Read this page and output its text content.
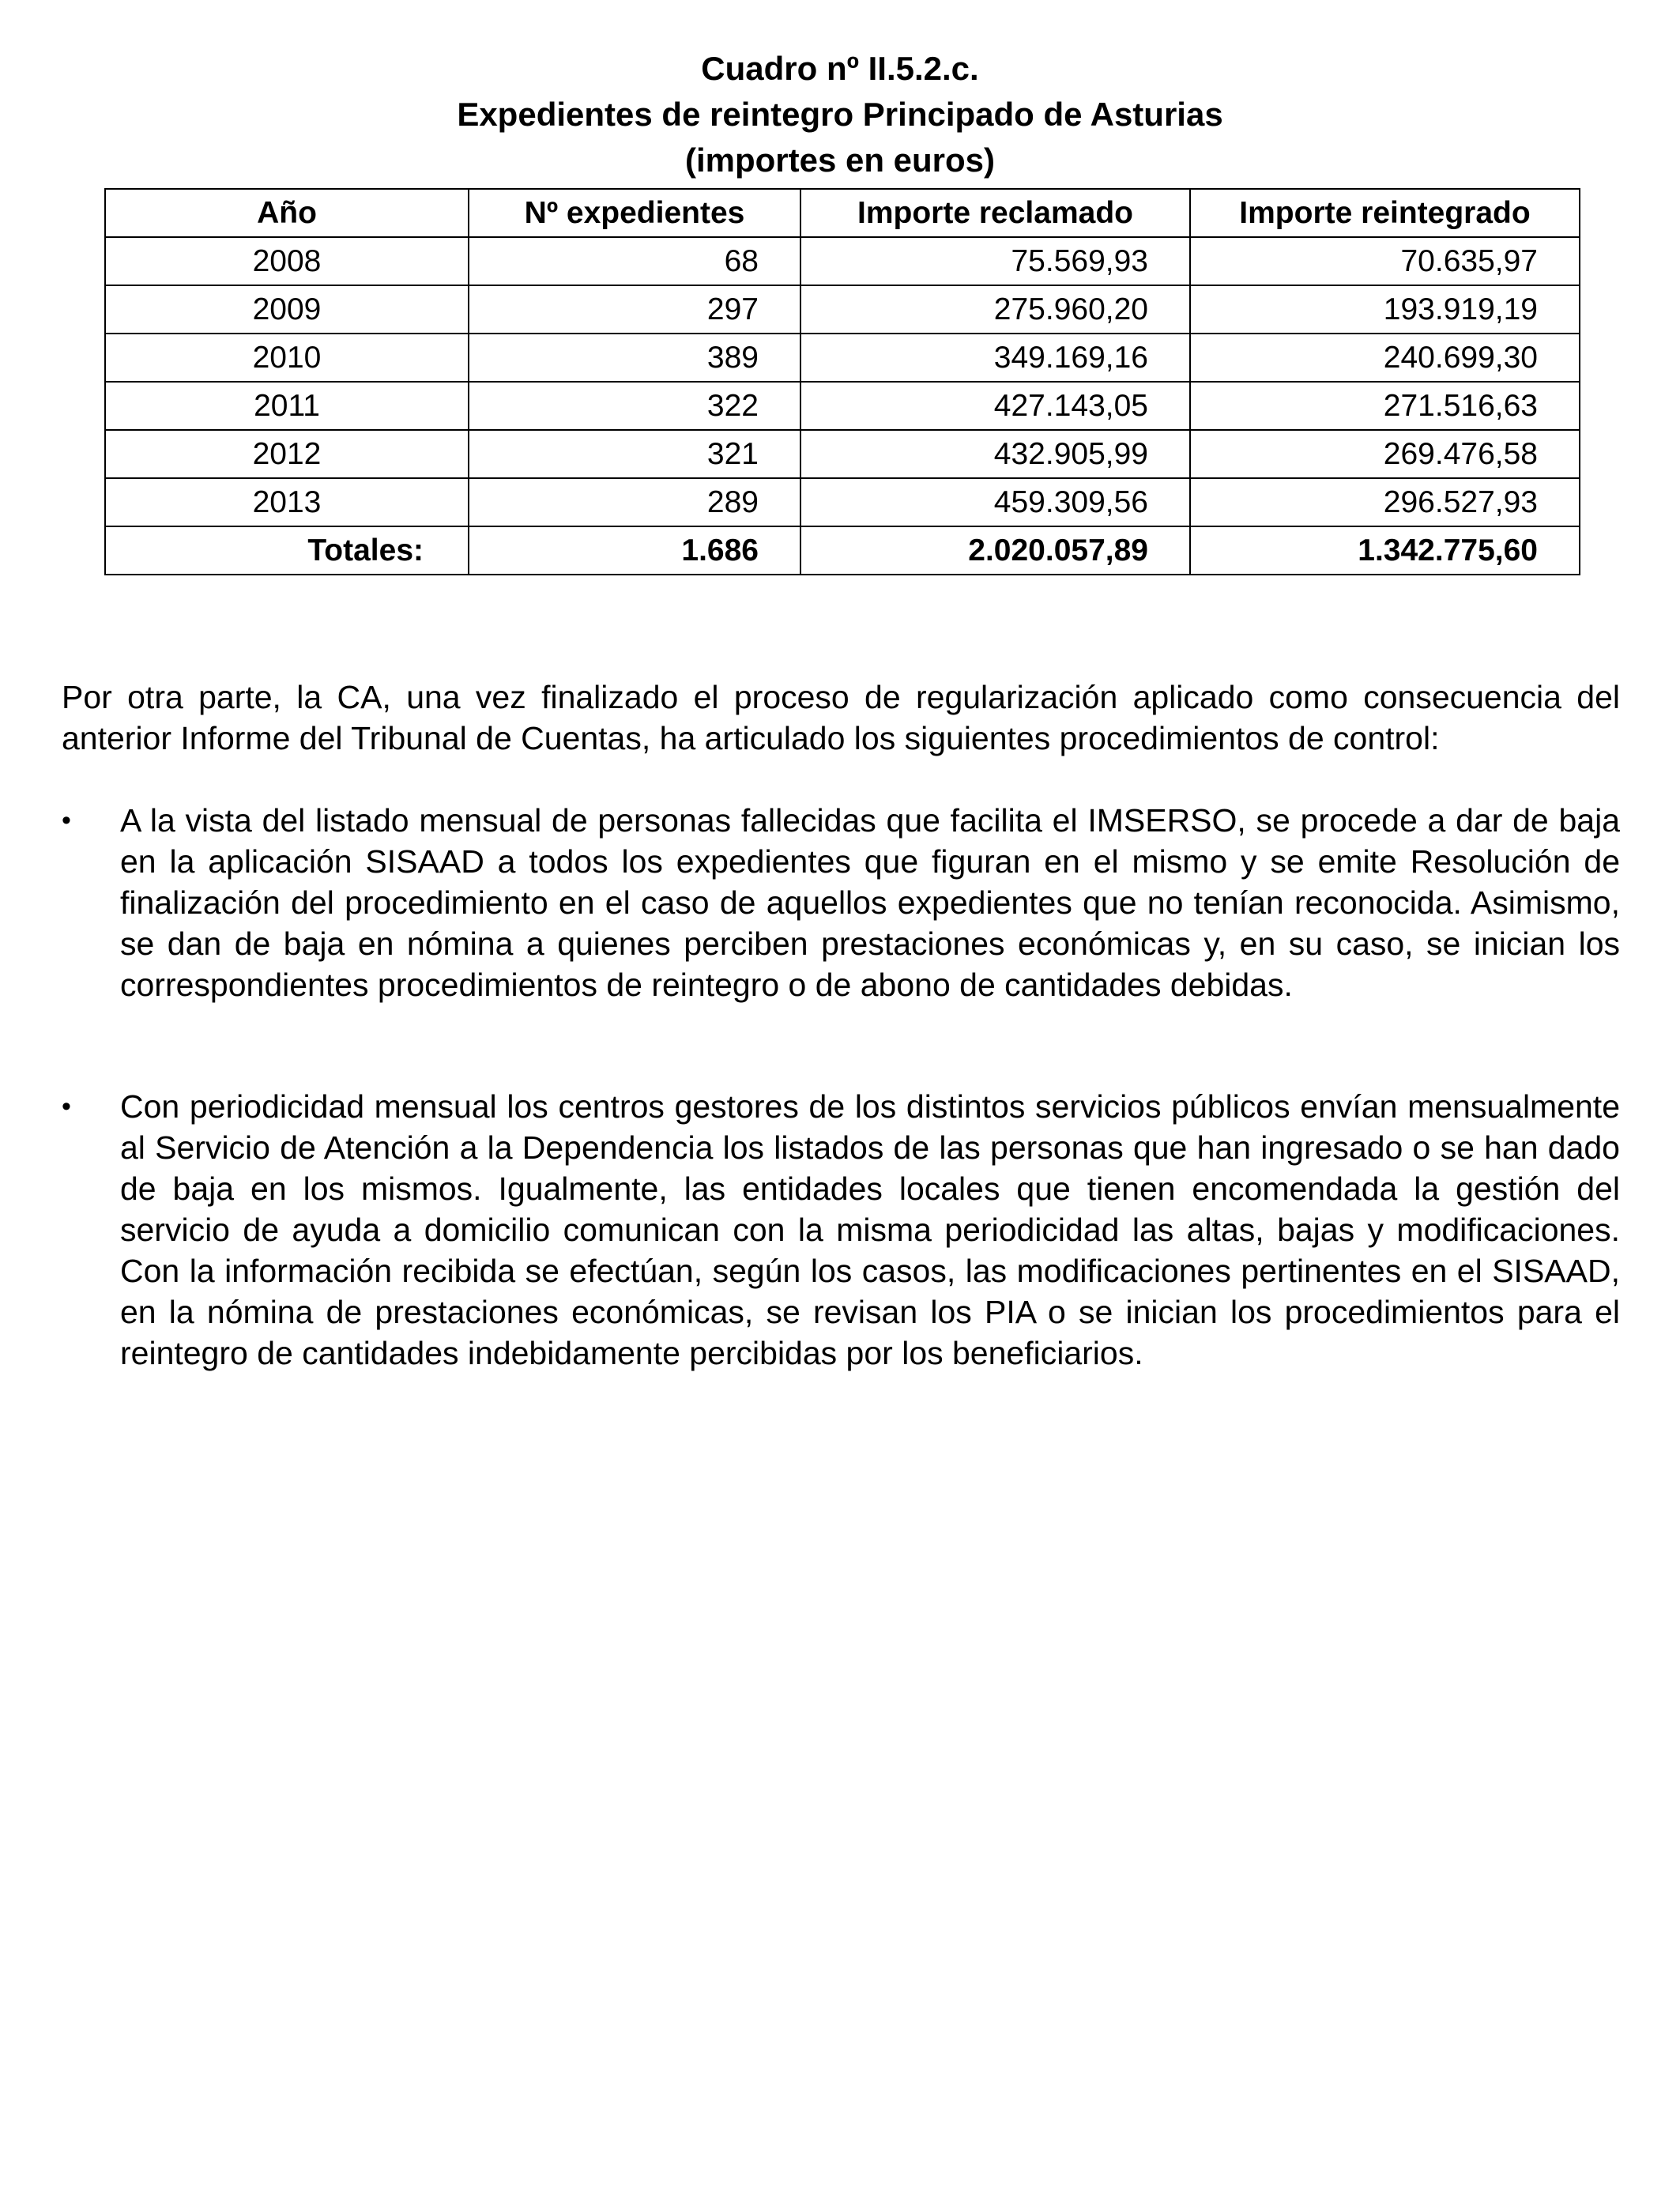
Cuadro nº II.5.2.c.
Expedientes de reintegro Principado de Asturias
(importes en euros)
Año	Nº expedientes	Importe reclamado	Importe reintegrado
2008	68	75.569,93	70.635,97
2009	297	275.960,20	193.919,19
2010	389	349.169,16	240.699,30
2011	322	427.143,05	271.516,63
2012	321	432.905,99	269.476,58
2013	289	459.309,56	296.527,93
Totales:	1.686	2.020.057,89	1.342.775,60

Por otra parte, la CA, una vez finalizado el proceso de regularización aplicado como consecuencia del anterior Informe del Tribunal de Cuentas, ha articulado los siguientes procedimientos de control:

•	A la vista del listado mensual de personas fallecidas que facilita el IMSERSO, se procede a dar de baja en la aplicación SISAAD a todos los expedientes que figuran en el mismo y se emite Resolución de finalización del procedimiento en el caso de aquellos expedientes que no tenían reconocida. Asimismo, se dan de baja en nómina a quienes perciben prestaciones económicas y, en su caso, se inician los correspondientes procedimientos de reintegro o de abono de cantidades debidas.
•	Con periodicidad mensual los centros gestores de los distintos servicios públicos envían mensualmente al Servicio de Atención a la Dependencia los listados de las personas que han ingresado o se han dado de baja en los mismos. Igualmente, las entidades locales que tienen encomendada la gestión del servicio de ayuda a domicilio comunican con la misma periodicidad las altas, bajas y modificaciones. Con la información recibida se efectúan, según los casos, las modificaciones pertinentes en el SISAAD, en la nómina de prestaciones económicas, se revisan los PIA o se inician los procedimientos para el reintegro de cantidades indebidamente percibidas por los beneficiarios.
